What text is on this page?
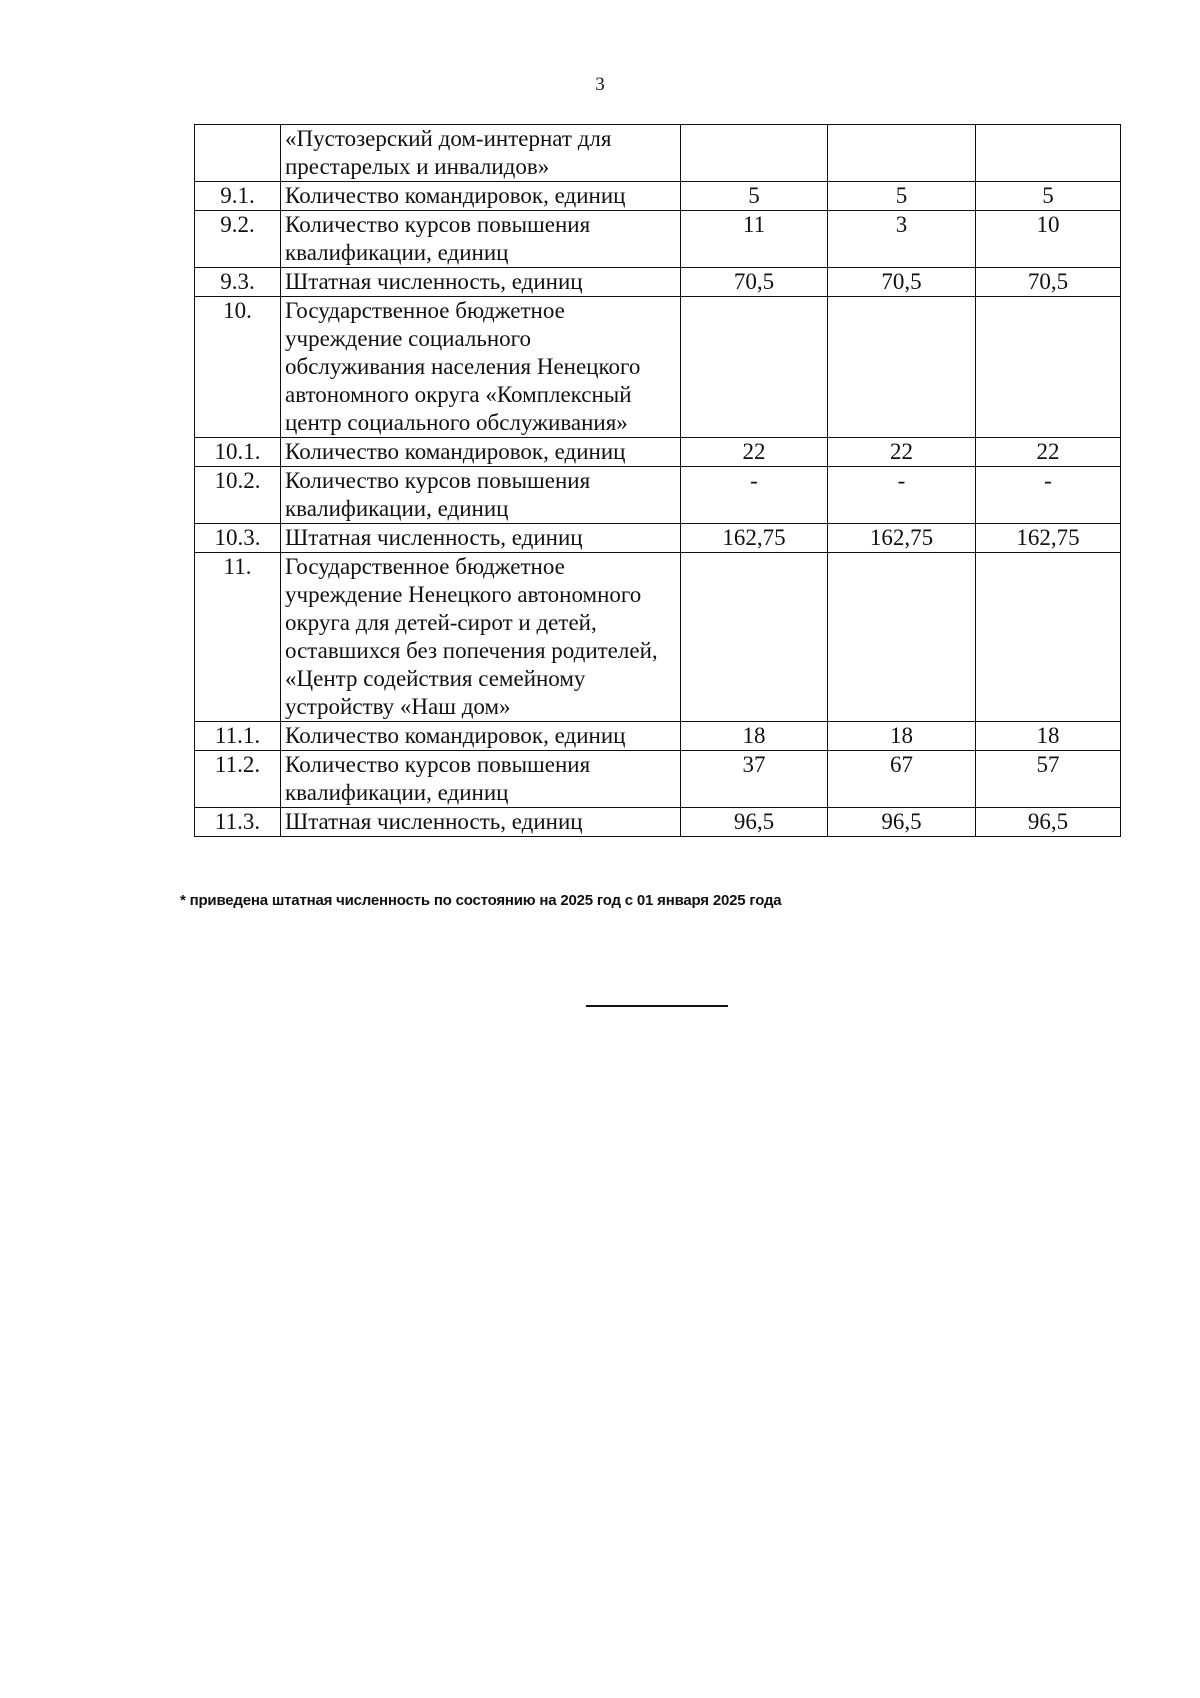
3
	«Пустозерский дом-интернат для престарелых и инвалидов»			
9.1.	Количество командировок, единиц	5	5	5
9.2.	Количество курсов повышения квалификации, единиц	11	3	10
9.3.	Штатная численность, единиц	70,5	70,5	70,5
10.	Государственное бюджетное учреждение социального обслуживания населения Ненецкого автономного округа «Комплексный центр социального обслуживания»			
10.1.	Количество командировок, единиц	22	22	22
10.2.	Количество курсов повышения квалификации, единиц	-	-	-
10.3.	Штатная численность, единиц	162,75	162,75	162,75
11.	Государственное бюджетное учреждение Ненецкого автономного округа для детей-сирот и детей, оставшихся без попечения родителей, «Центр содействия семейному устройству «Наш дом»			
11.1.	Количество командировок, единиц	18	18	18
11.2.	Количество курсов повышения квалификации, единиц	37	67	57
11.3.	Штатная численность, единиц	96,5	96,5	96,5
* приведена штатная численность по состоянию на 2025 год с 01 января 2025 года
